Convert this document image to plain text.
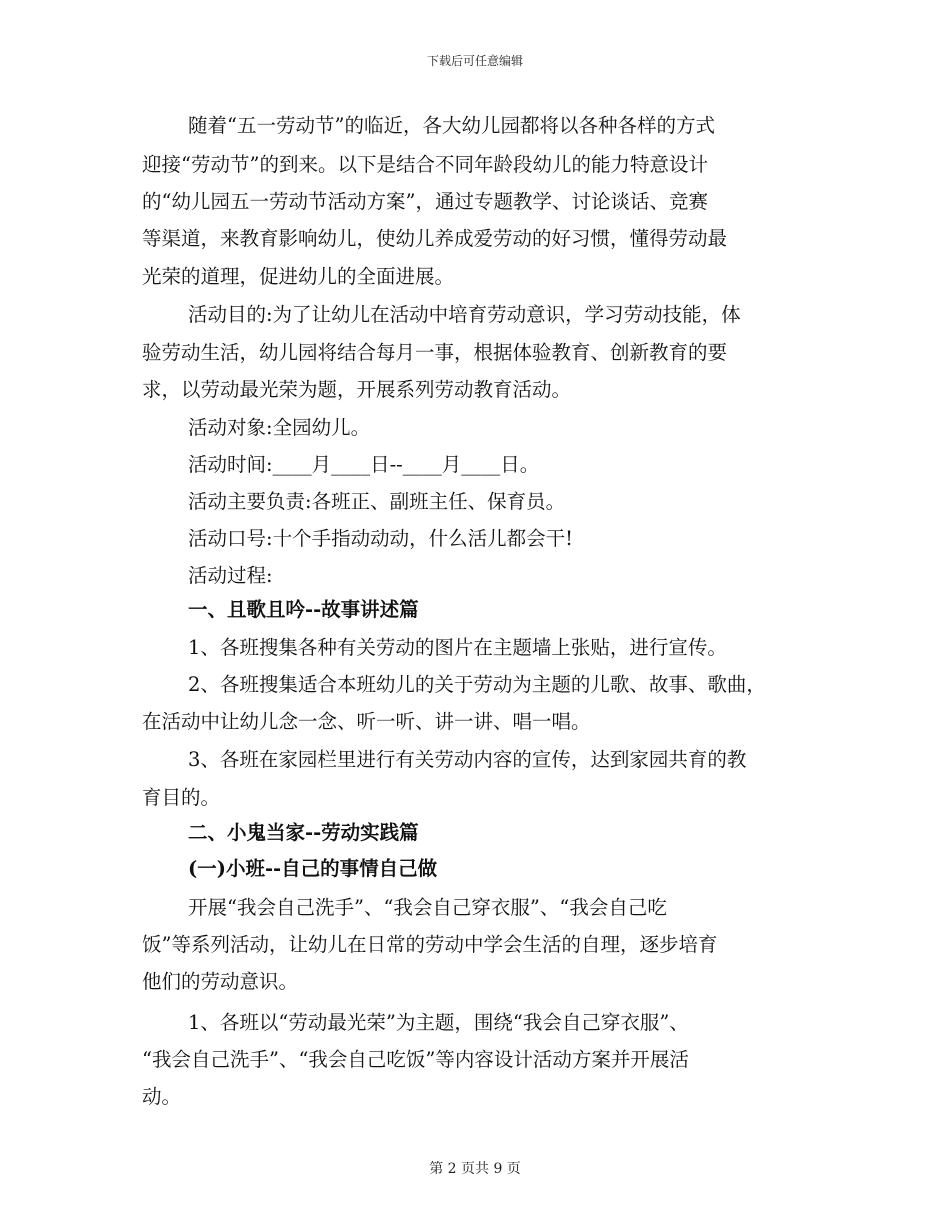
下载后可任意编辑
随着“五一劳动节”的临近，各大幼儿园都将以各种各样的方式
迎接“劳动节”的到来。以下是结合不同年龄段幼儿的能力特意设计
的“幼儿园五一劳动节活动方案”，通过专题教学、讨论谈话、竞赛
等渠道，来教育影响幼儿，使幼儿养成爱劳动的好习惯，懂得劳动最
光荣的道理，促进幼儿的全面进展。
活动目的:为了让幼儿在活动中培育劳动意识，学习劳动技能，体
验劳动生活，幼儿园将结合每月一事，根据体验教育、创新教育的要
求，以劳动最光荣为题，开展系列劳动教育活动。
活动对象:全园幼儿。
活动时间:____月____日--____月____日。
活动主要负责:各班正、副班主任、保育员。
活动口号:十个手指动动动，什么活儿都会干!
活动过程:
一、且歌且吟--故事讲述篇
1、各班搜集各种有关劳动的图片在主题墙上张贴，进行宣传。
2、各班搜集适合本班幼儿的关于劳动为主题的儿歌、故事、歌曲，
在活动中让幼儿念一念、听一听、讲一讲、唱一唱。
3、各班在家园栏里进行有关劳动内容的宣传，达到家园共育的教
育目的。
二、小鬼当家--劳动实践篇
(一)小班--自己的事情自己做
开展“我会自己洗手”、“我会自己穿衣服”、“我会自己吃
饭”等系列活动，让幼儿在日常的劳动中学会生活的自理，逐步培育
他们的劳动意识。
1、各班以“劳动最光荣”为主题，围绕“我会自己穿衣服”、
“我会自己洗手”、“我会自己吃饭”等内容设计活动方案并开展活
动。
第 2 页共 9 页
